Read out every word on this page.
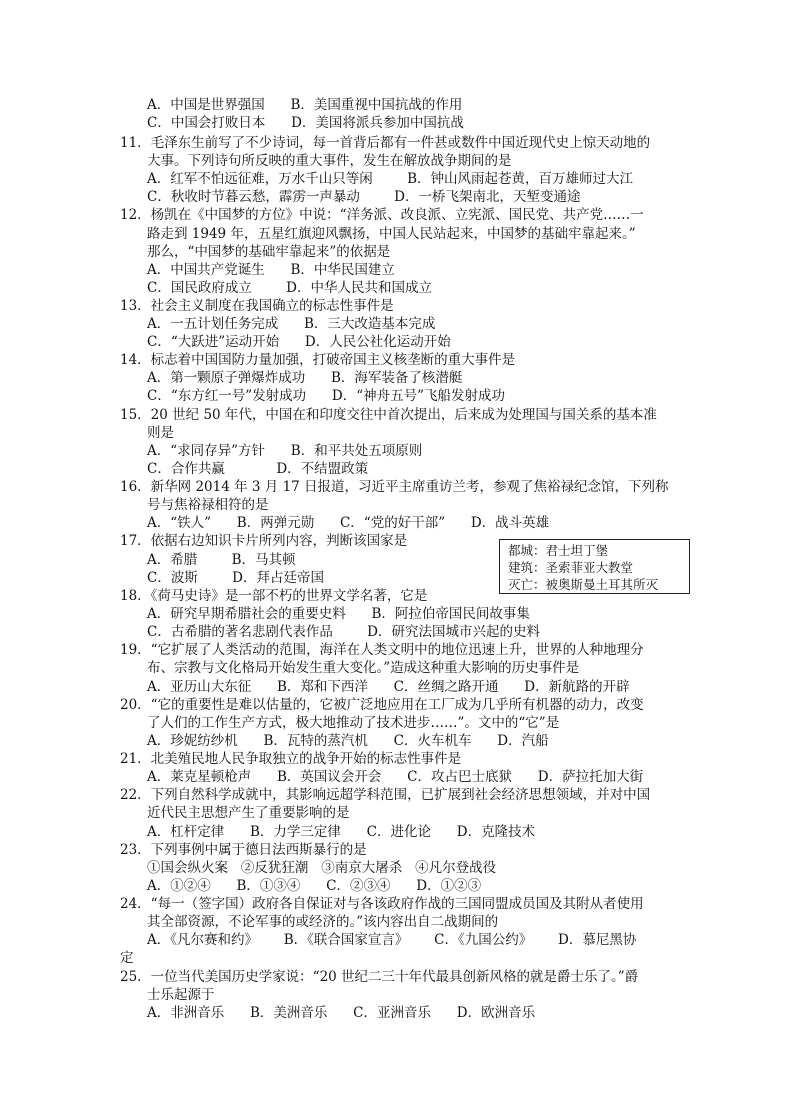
A．中国是世界强国      B．美国重视中国抗战的作用
C．中国会打败日本      D．美国将派兵参加中国抗战
11．毛泽东生前写了不少诗词，每一首背后都有一件甚或数件中国近现代史上惊天动地的
大事。下列诗句所反映的重大事件，发生在解放战争期间的是
A．红军不怕远征难，万水千山只等闲        B．钟山风雨起苍黄，百万雄师过大江
C．秋收时节暮云愁，霹雳一声暴动        D．一桥飞架南北，天堑变通途
12．杨凯在《中国梦的方位》中说：“洋务派、改良派、立宪派、国民党、共产党……一
路走到 1949 年，五星红旗迎风飘扬，中国人民站起来，中国梦的基础牢靠起来。”
那么，“中国梦的基础牢靠起来”的依据是
A．中国共产党诞生      B．中华民国建立
C．国民政府成立        D．中华人民共和国成立
13．社会主义制度在我国确立的标志性事件是
A．一五计划任务完成      B．三大改造基本完成
C．“大跃进”运动开始      D．人民公社化运动开始
14．标志着中国国防力量加强，打破帝国主义核垄断的重大事件是
A．第一颗原子弹爆炸成功      B．海军装备了核潜艇
C．“东方红一号”发射成功      D．“神舟五号”飞船发射成功
15．20 世纪 50 年代，中国在和印度交往中首次提出，后来成为处理国与国关系的基本准
则是
A．“求同存异”方针      B．和平共处五项原则
C．合作共赢            D．不结盟政策
16．新华网 2014 年 3 月 17 日报道，习近平主席重访兰考，参观了焦裕禄纪念馆，下列称
号与焦裕禄相符的是
A．“铁人”      B．两弹元勋      C．“党的好干部”      D．战斗英雄
17．依据右边知识卡片所列内容，判断该国家是
A．希腊        B．马其顿
C．波斯        D．拜占廷帝国
都城：君士坦丁堡
建筑：圣索菲亚大教堂
灭亡：被奥斯曼土耳其所灭
18．《荷马史诗》是一部不朽的世界文学名著，它是
A．研究早期希腊社会的重要史料      B．阿拉伯帝国民间故事集
C．古希腊的著名悲剧代表作品        D．研究法国城市兴起的史料
19．“它扩展了人类活动的范围，海洋在人类文明中的地位迅速上升，世界的人种地理分
布、宗教与文化格局开始发生重大变化。”造成这种重大影响的历史事件是
A．亚历山大东征      B．郑和下西洋      C．丝绸之路开通      D．新航路的开辟
20．“它的重要性是难以估量的，它被广泛地应用在工厂成为几乎所有机器的动力，改变
了人们的工作生产方式，极大地推动了技术进步……”。文中的“它”是
A．珍妮纺纱机      B．瓦特的蒸汽机      C．火车机车      D．汽船
21．北美殖民地人民争取独立的战争开始的标志性事件是
A．莱克星顿枪声      B．英国议会开会      C．攻占巴士底狱      D．萨拉托加大街
22．下列自然科学成就中，其影响远超学科范围，已扩展到社会经济思想领域，并对中国
近代民主思想产生了重要影响的是
A．杠杆定律      B．力学三定律      C．进化论      D．克隆技术
23．下列事例中属于德日法西斯暴行的是
①国会纵火案   ②反犹狂潮   ③南京大屠杀   ④凡尔登战役
A．①②④      B．①③④      C．②③④      D．①②③
24．“每一（签字国）政府各自保证对与各该政府作战的三国同盟成员国及其附从者使用
其全部资源，不论军事的或经济的。”该内容出自二战期间的
A．《凡尔赛和约》      B．《联合国家宣言》      C．《九国公约》      D．慕尼黑协
定
25．一位当代美国历史学家说：“20 世纪二三十年代最具创新风格的就是爵士乐了。”爵
士乐起源于
A．非洲音乐      B．美洲音乐      C．亚洲音乐      D．欧洲音乐
